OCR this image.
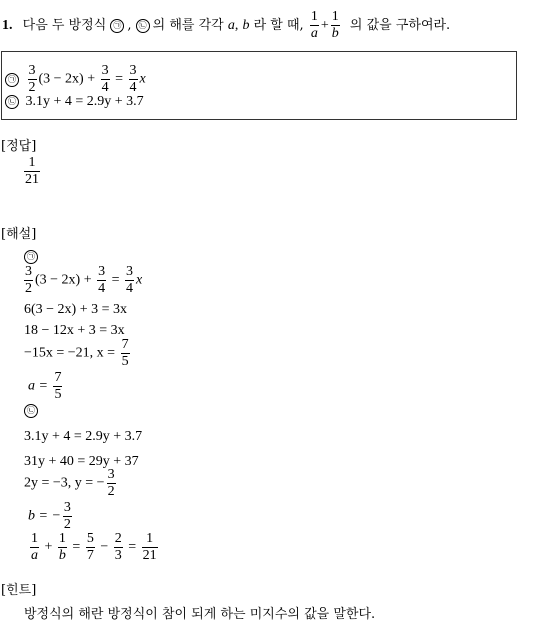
1. 다음 두 방정식 ㉠ , ㉡ 의 해를 각각 a, b 라 할 때, $\frac{1}{a} + \frac{1}{b}$ 의 값을 구하여라.
㉠ $\frac{3}{2} (3 - 2x) + \frac{3}{4} = \frac{3}{4}$ x
㉡ 3.1y + 4 = 2.9y + 3.7
[정답]
$\frac{1}{21}$
[해설]
㉠
$\frac{3}{2} (3 - 2x) + \frac{3}{4} = \frac{3}{4}$ x
6(3 − 2x) + 3 = 3x
18 − 12x + 3 = 3x
−15x = −21, $x = \frac{7}{5}$
$a = \frac{7}{5}$
㉡
3.1y + 4 = 2.9y + 3.7
31y + 40 = 29y + 37
2y = −3, y = − $\frac{3}{2}$
b = − $\frac{3}{2}$
$\frac{1}{a} + \frac{1}{b} = \frac{5}{7} - \frac{2}{3} = \frac{1}{21}$
[힌트]
방정식의 해란 방정식이 참이 되게 하는 미지수의 값을 말한다.
